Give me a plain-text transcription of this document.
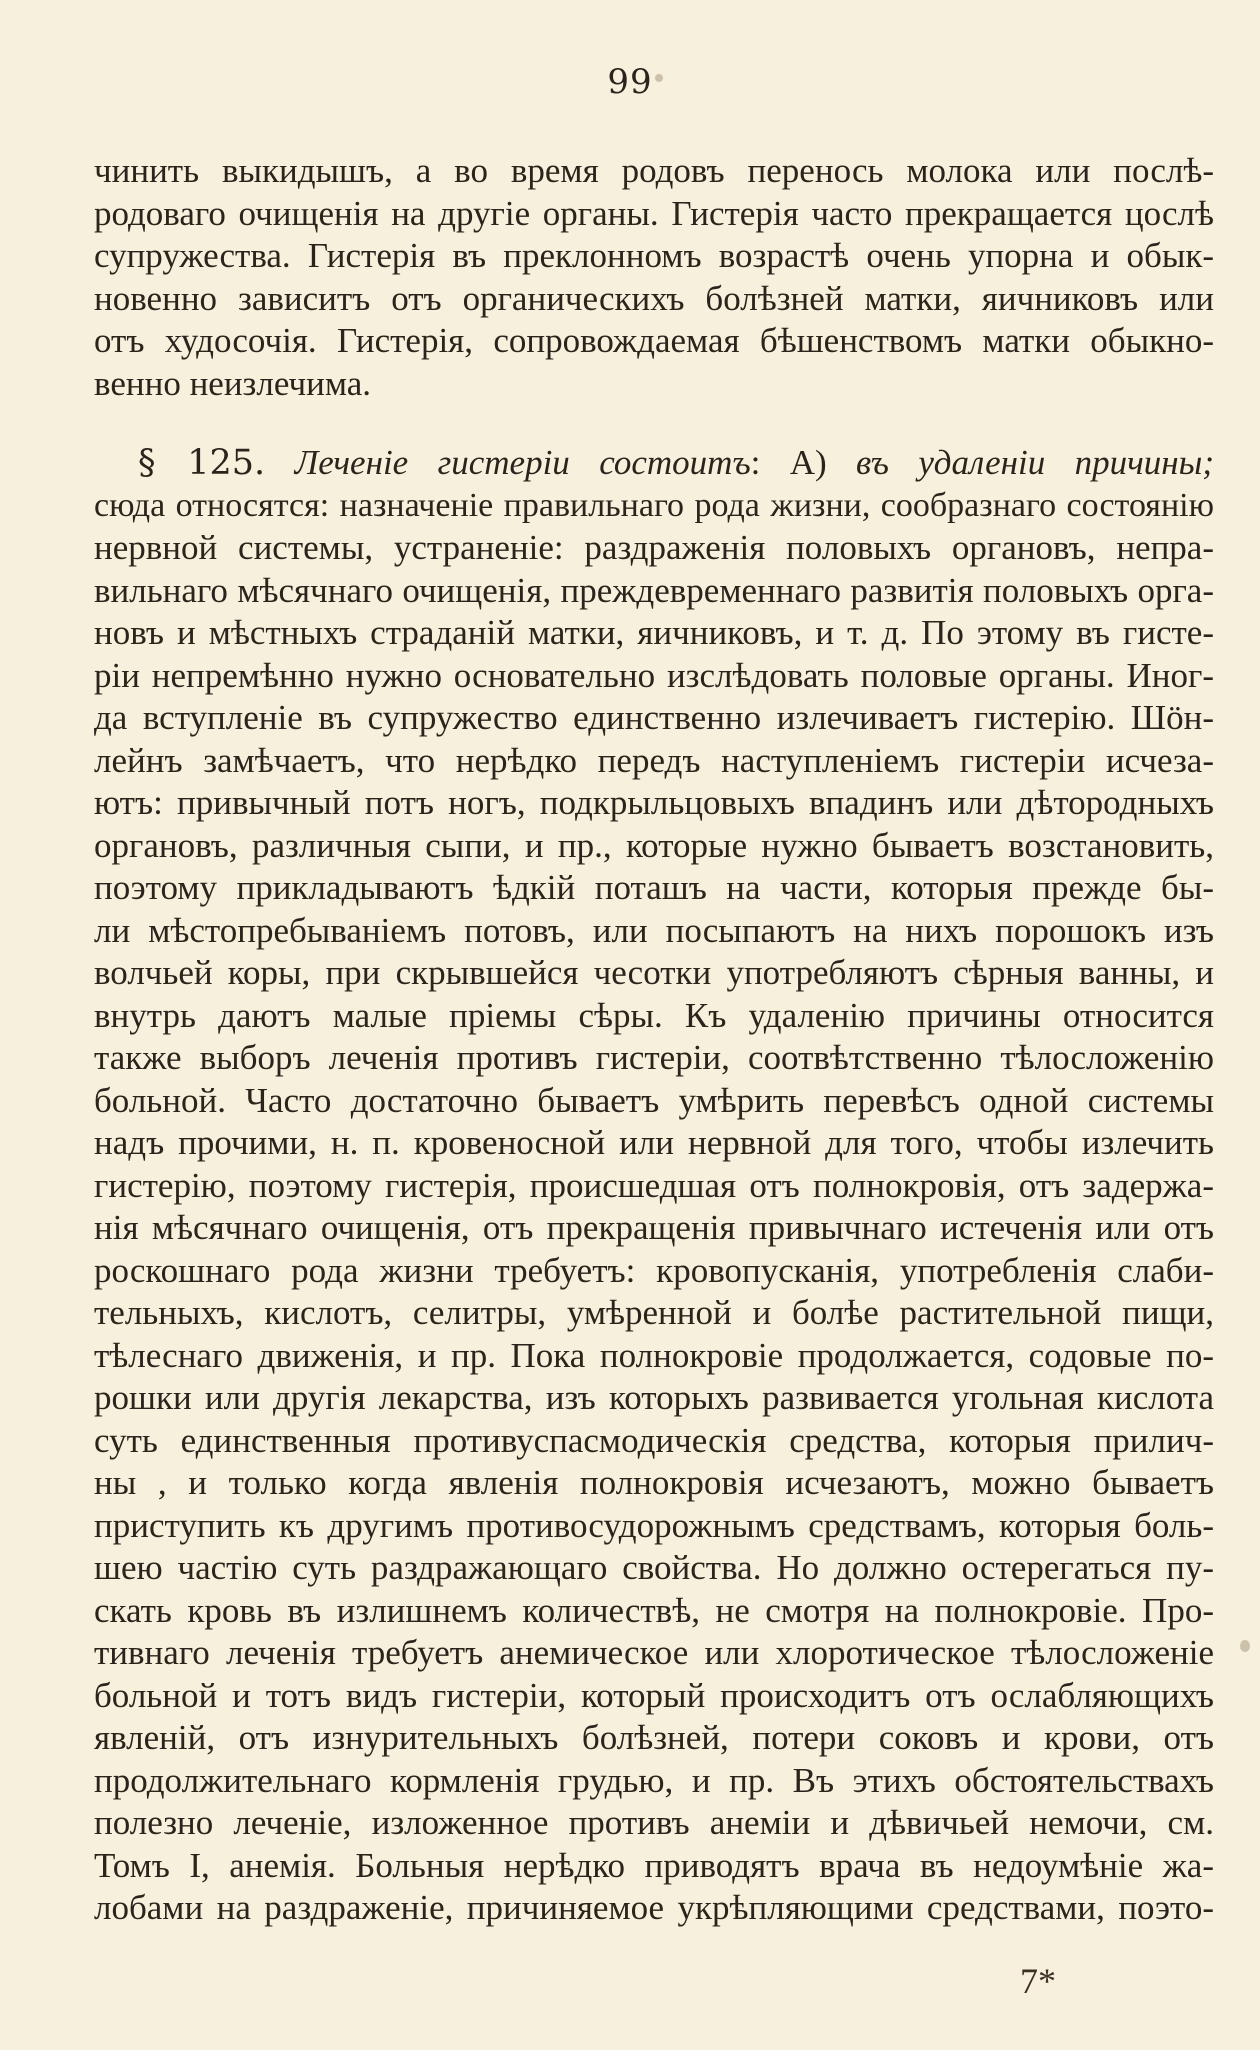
99
чинить выкидышъ, а во время родовъ перенось молока или послѣ-
родоваго очищенія на другіе органы. Гистерія часто прекращается цослѣ
супружества. Гистерія въ преклонномъ возрастѣ очень упорна и обык-
новенно зависитъ отъ органическихъ болѣзней матки, яичниковъ или
отъ худосочія. Гистерія, сопровождаемая бѣшенствомъ матки обыкно-
венно неизлечима.
§ 125. Леченіе гистеріи состоитъ: А) въ удаленіи причины;
сюда относятся: назначеніе правильнаго рода жизни, сообразнаго состоянію
нервной системы, устраненіе: раздраженія половыхъ органовъ, непра-
вильнаго мѣсячнаго очищенія, преждевременнаго развитія половыхъ орга-
новъ и мѣстныхъ страданій матки, яичниковъ, и т. д. По этому въ гисте-
ріи непремѣнно нужно основательно изслѣдовать половые органы. Иног-
да вступленіе въ супружество единственно излечиваетъ гистерію. Шӧн-
лейнъ замѣчаетъ, что нерѣдко передъ наступленіемъ гистеріи исчеза-
ютъ: привычный потъ ногъ, подкрыльцовыхъ впадинъ или дѣтородныхъ
органовъ, различныя сыпи, и пр., которые нужно бываетъ возстановить,
поэтому прикладываютъ ѣдкій поташъ на части, которыя прежде бы-
ли мѣстопребываніемъ потовъ, или посыпаютъ на нихъ порошокъ изъ
волчьей коры, при скрывшейся чесотки употребляютъ сѣрныя ванны, и
внутрь даютъ малые пріемы сѣры. Къ удаленію причины относится
также выборъ леченія противъ гистеріи, соотвѣтственно тѣлосложенію
больной. Часто достаточно бываетъ умѣрить перевѣсъ одной системы
надъ прочими, н. п. кровеносной или нервной для того, чтобы излечить
гистерію, поэтому гистерія, происшедшая отъ полнокровія, отъ задержа-
нія мѣсячнаго очищенія, отъ прекращенія привычнаго истеченія или отъ
роскошнаго рода жизни требуетъ: кровопусканія, употребленія слаби-
тельныхъ, кислотъ, селитры, умѣренной и болѣе растительной пищи,
тѣлеснаго движенія, и пр. Пока полнокровіе продолжается, содовые по-
рошки или другія лекарства, изъ которыхъ развивается угольная кислота
суть единственныя противуспасмодическія средства, которыя прилич-
ны , и только когда явленія полнокровія исчезаютъ, можно бываетъ
приступить къ другимъ противосудорожнымъ средствамъ, которыя боль-
шею частію суть раздражающаго свойства. Но должно остерегаться пу-
скать кровь въ излишнемъ количествѣ, не смотря на полнокровіе. Про-
тивнаго леченія требуетъ анемическое или хлоротическое тѣлосложеніе
больной и тотъ видъ гистеріи, который происходитъ отъ ослабляющихъ
явленій, отъ изнурительныхъ болѣзней, потери соковъ и крови, отъ
продолжительнаго кормленія грудью, и пр. Въ этихъ обстоятельствахъ
полезно леченіе, изложенное противъ анеміи и дѣвичьей немочи, см.
Томъ I, анемія. Больныя нерѣдко приводятъ врача въ недоумѣніе жа-
лобами на раздраженіе, причиняемое укрѣпляющими средствами, поэто-
7*
